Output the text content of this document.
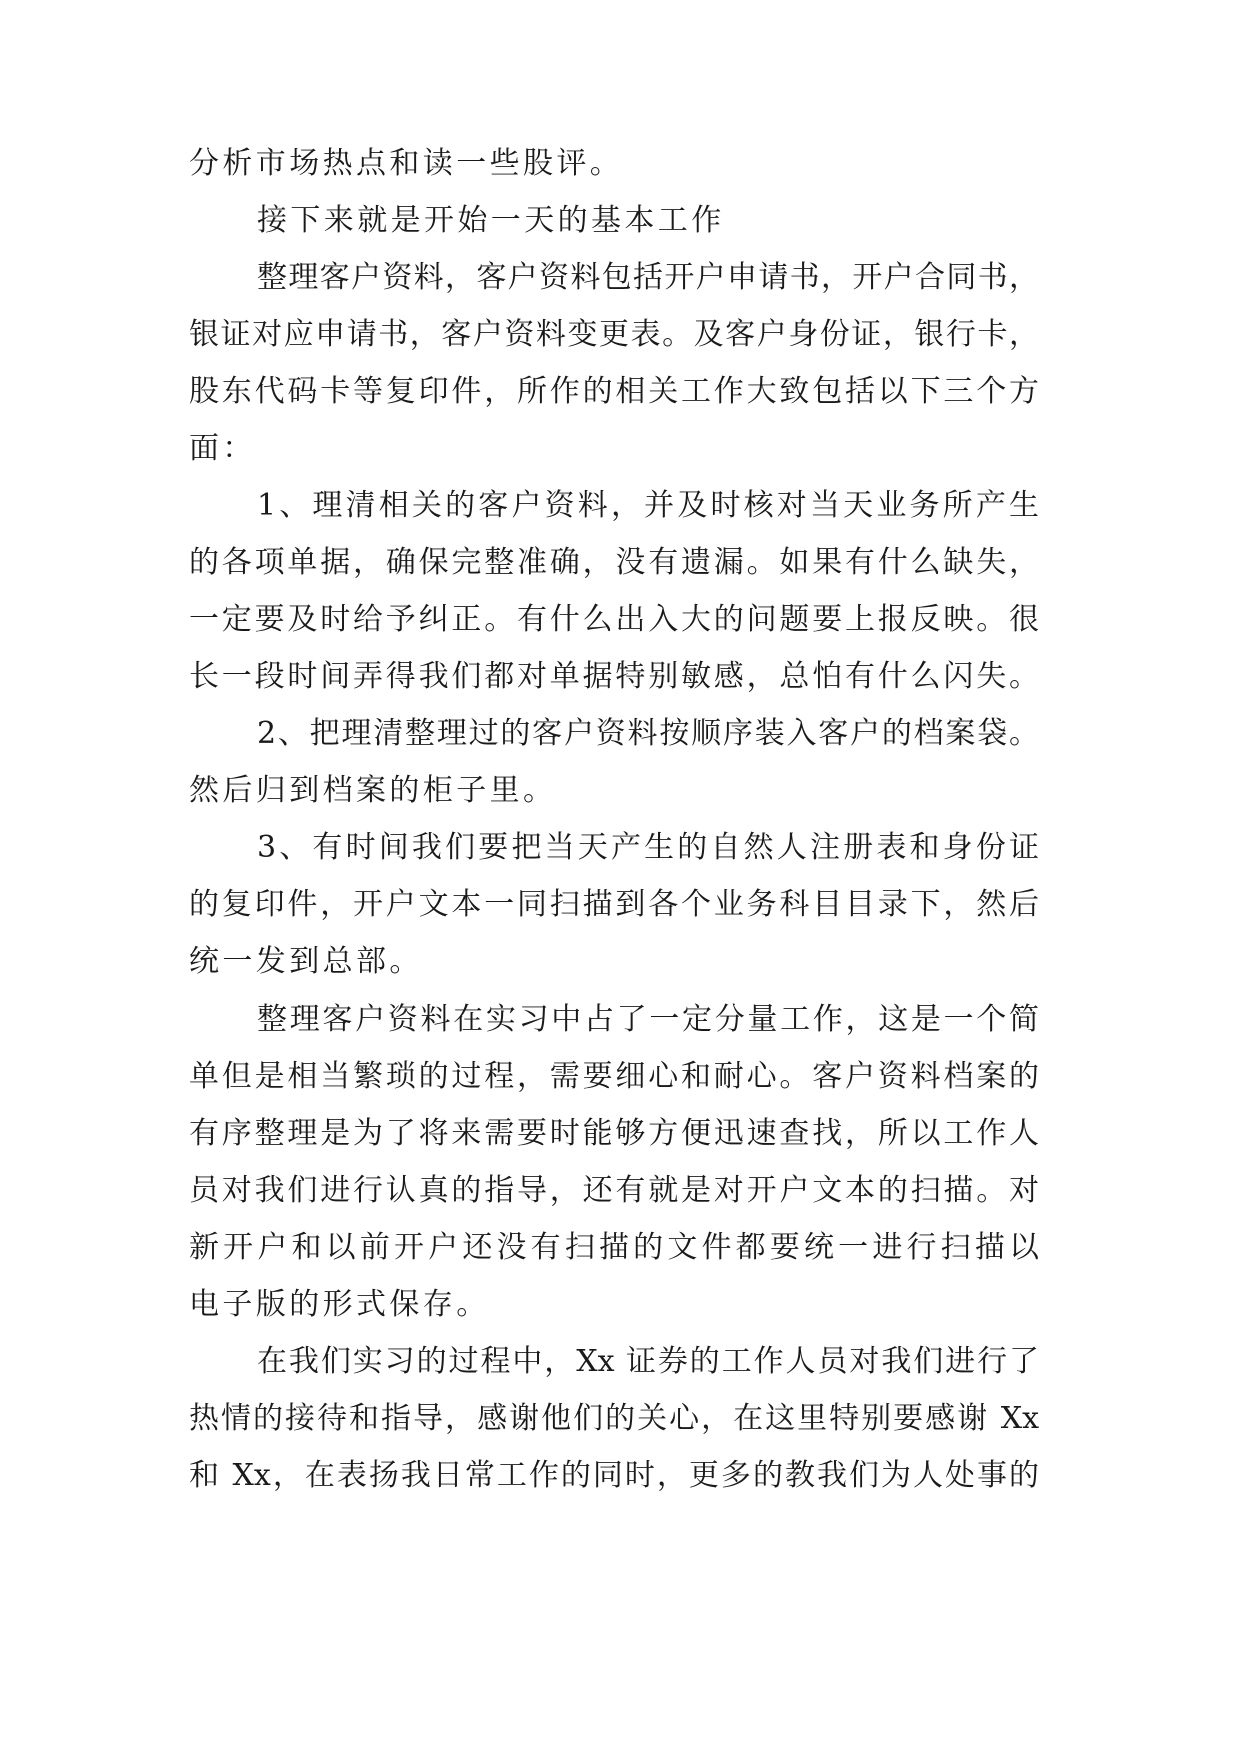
分析市场热点和读一些股评。
接下来就是开始一天的基本工作
整理客户资料，客户资料包括开户申请书，开户合同书，
银证对应申请书，客户资料变更表。及客户身份证，银行卡，
股东代码卡等复印件，所作的相关工作大致包括以下三个方
面：
1、理清相关的客户资料，并及时核对当天业务所产生
的各项单据，确保完整准确，没有遗漏。如果有什么缺失，
一定要及时给予纠正。有什么出入大的问题要上报反映。很
长一段时间弄得我们都对单据特别敏感，总怕有什么闪失。
2、把理清整理过的客户资料按顺序装入客户的档案袋。
然后归到档案的柜子里。
3、有时间我们要把当天产生的自然人注册表和身份证
的复印件，开户文本一同扫描到各个业务科目目录下，然后
统一发到总部。
整理客户资料在实习中占了一定分量工作，这是一个简
单但是相当繁琐的过程，需要细心和耐心。客户资料档案的
有序整理是为了将来需要时能够方便迅速查找，所以工作人
员对我们进行认真的指导，还有就是对开户文本的扫描。对
新开户和以前开户还没有扫描的文件都要统一进行扫描以
电子版的形式保存。
在我们实习的过程中，Xx 证券的工作人员对我们进行了
热情的接待和指导，感谢他们的关心，在这里特别要感谢 Xx
和 Xx，在表扬我日常工作的同时，更多的教我们为人处事的
